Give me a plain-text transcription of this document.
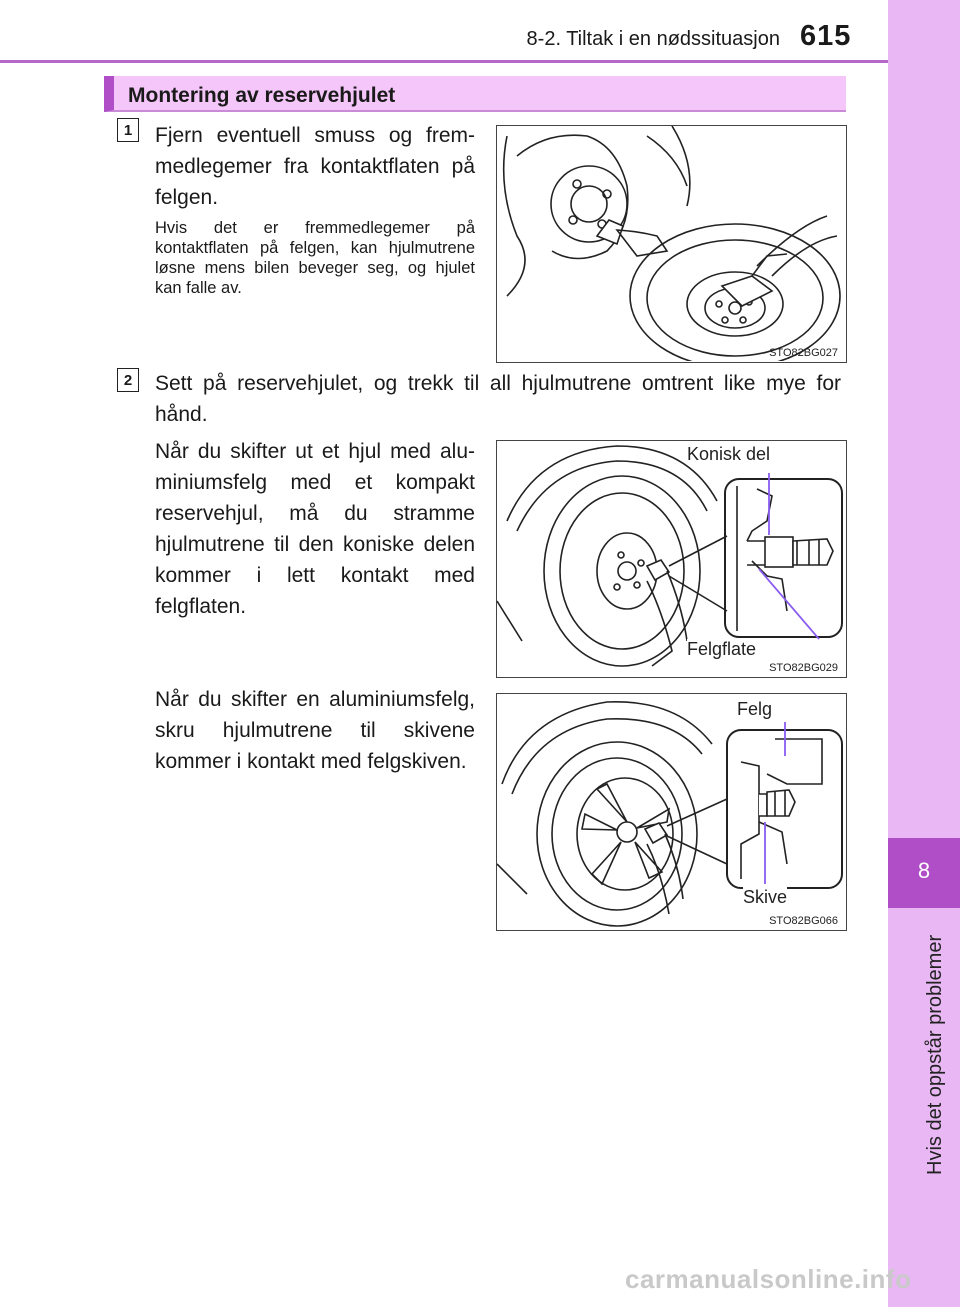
8-2. Tiltak i en nødssituasjon 615
8
Hvis det oppstår problemer
Montering av reservehjulet
1	Fjern eventuell smuss og fremmedlegemer fra kontaktflaten på felgen.
Hvis det er fremmedlegemer på kontaktflaten på felgen, kan hjulmutrene løsne mens bilen beveger seg, og hjulet kan falle av.
STO82BG027
2	Sett på reservehjulet, og trekk til all hjulmutrene omtrent like mye for hånd.
Når du skifter ut et hjul med aluminiumsfelg med et kompakt reservehjul, må du stramme hjulmutrene til den koniske delen kommer i lett kontakt med felgflaten.
Konisk del
Felgflate
STO82BG029
Når du skifter en aluminiumsfelg, skru hjulmutrene til skivene kommer i kontakt med felgskiven.
Felg
Skive
STO82BG066
carmanualsonline.info
